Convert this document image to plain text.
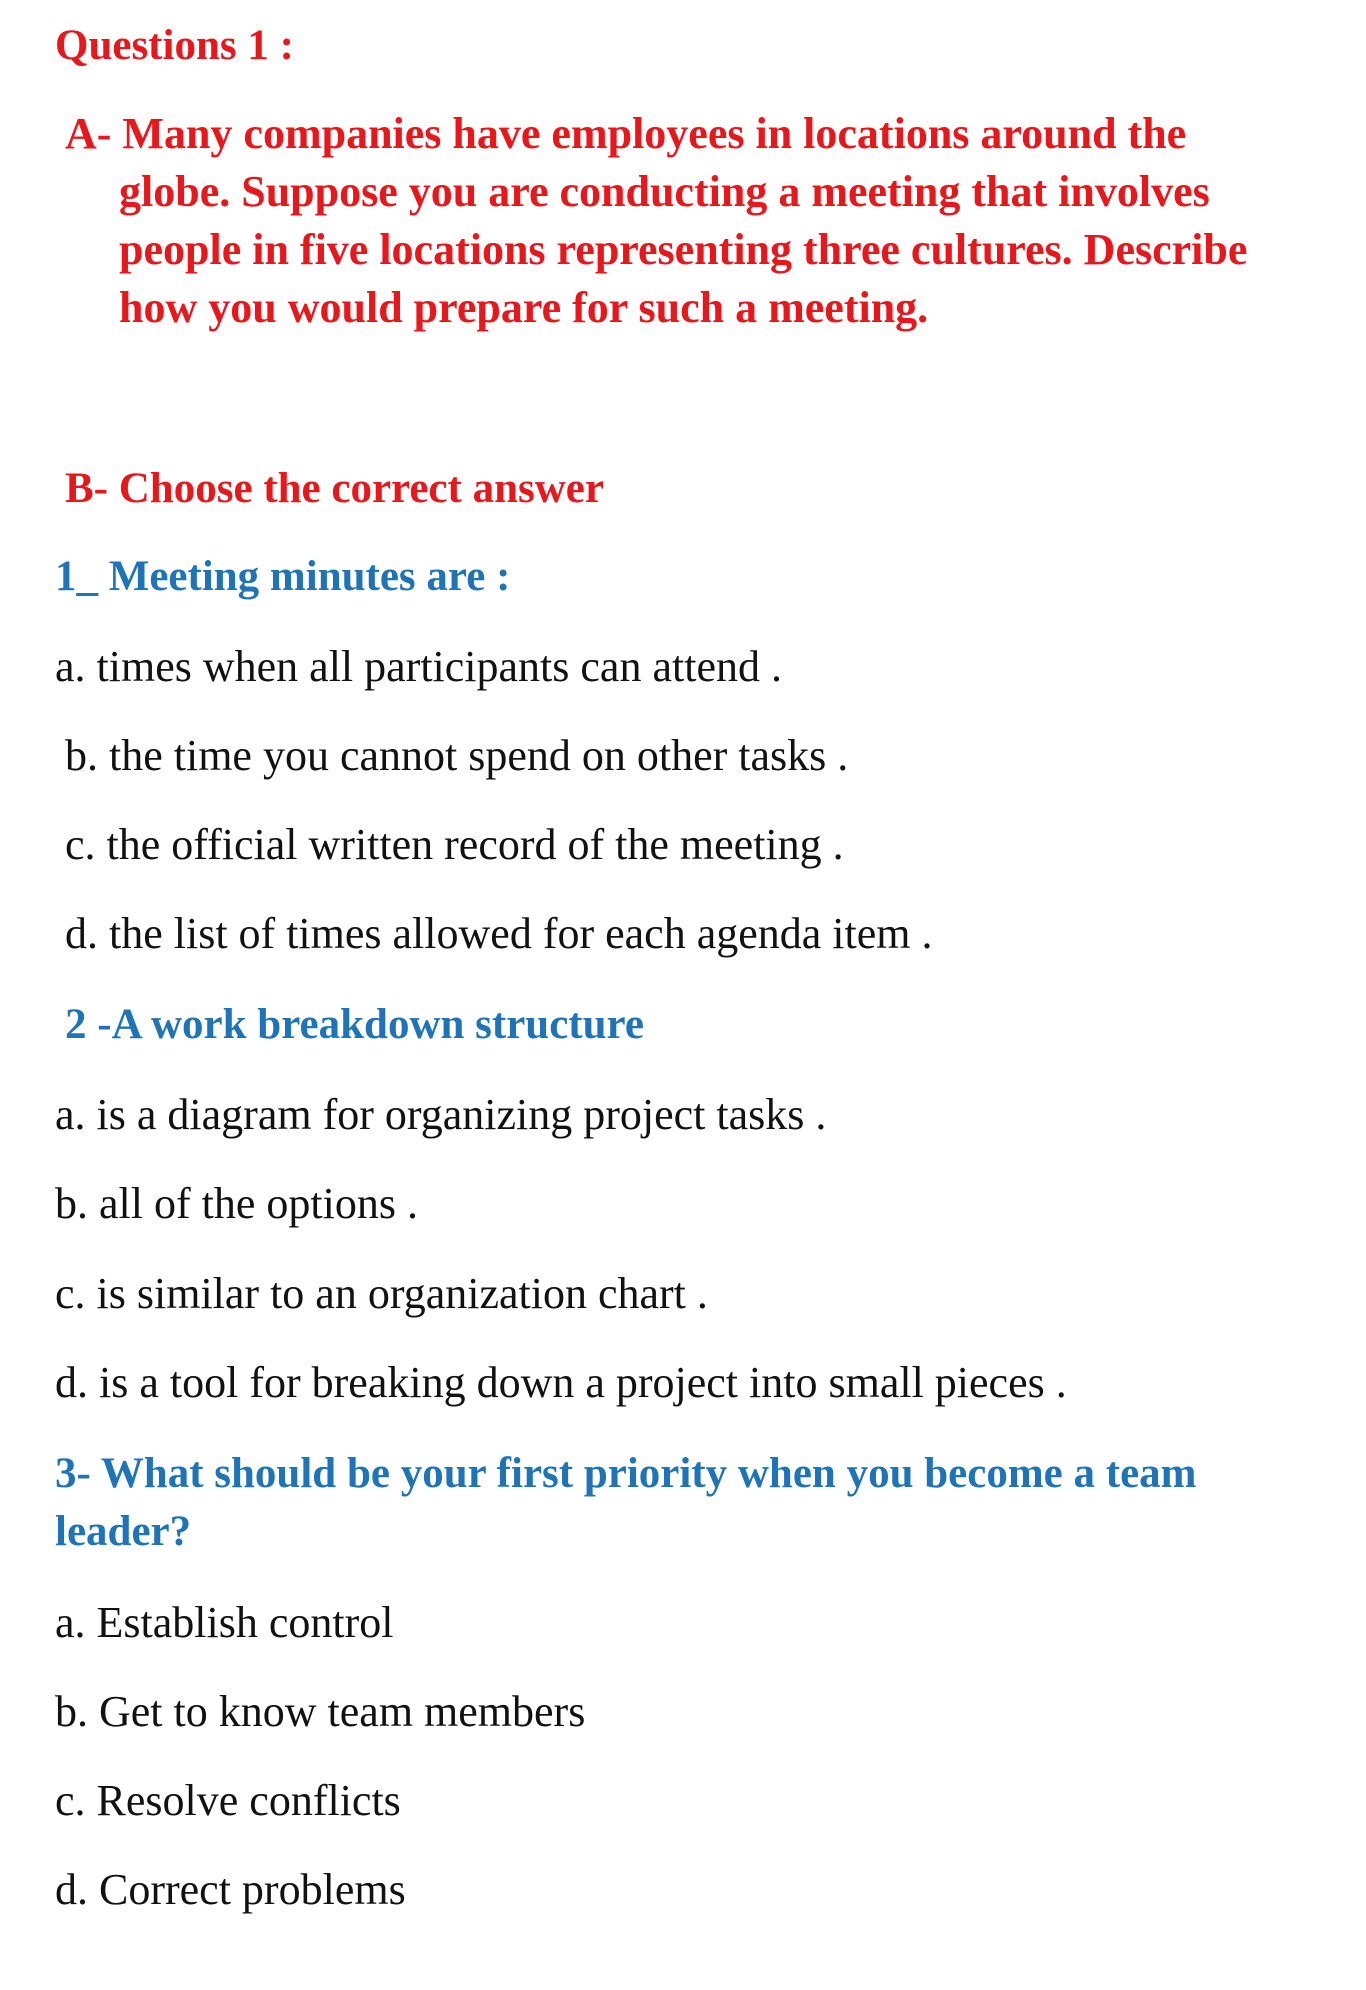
Questions 1 :

A- Many companies have employees in locations around the

globe. Suppose you are conducting a meeting that involves

people in five locations representing three cultures. Describe

how you would prepare for such a meeting.

B- Choose the correct answer

1_ Meeting minutes are :

a. times when all participants can attend .

b. the time you cannot spend on other tasks .

c. the official written record of the meeting .

d. the list of times allowed for each agenda item .

2 -A work breakdown structure

a. is a diagram for organizing project tasks .

b. all of the options .

c. is similar to an organization chart .

d. is a tool for breaking down a project into small pieces .

3- What should be your first priority when you become a team

leader?

a. Establish control

b. Get to know team members

c. Resolve conflicts

d. Correct problems
